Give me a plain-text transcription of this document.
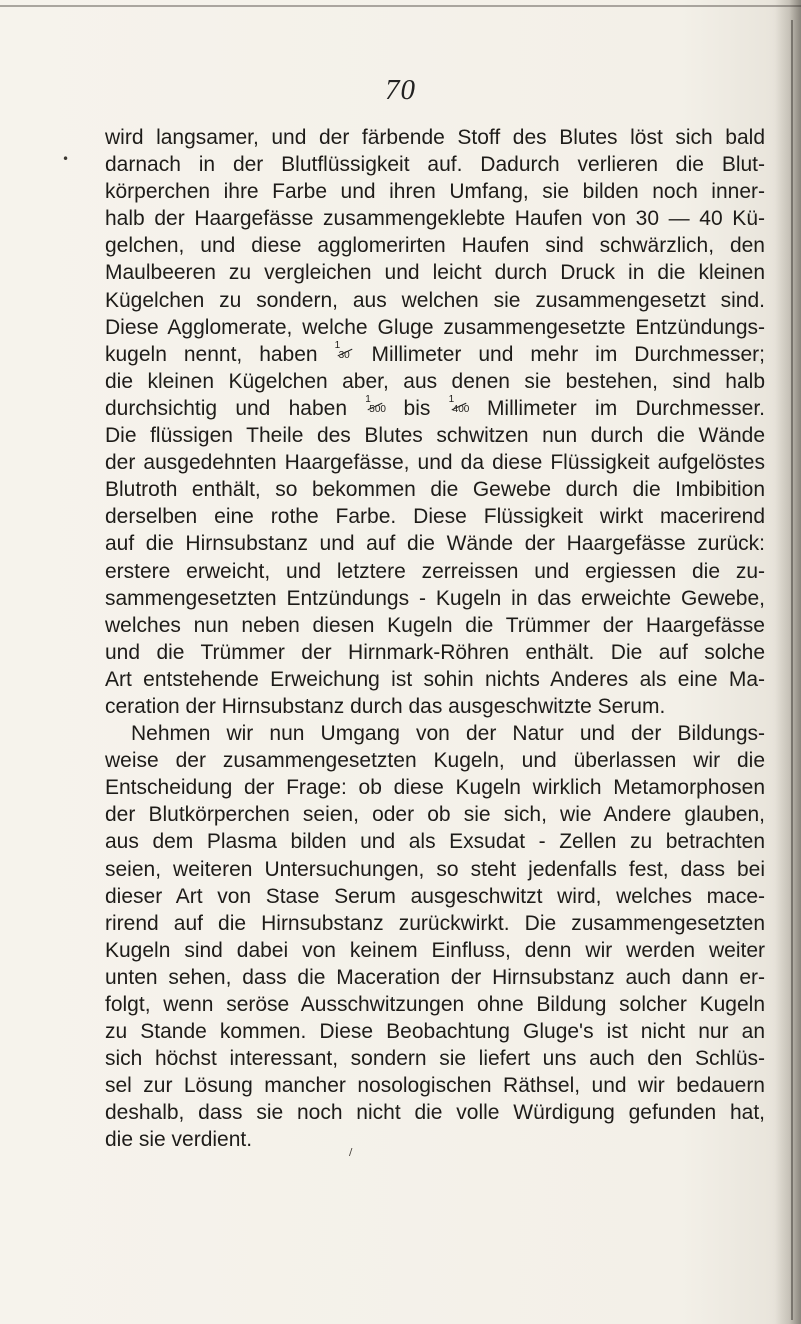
70
wird langsamer, und der färbende Stoff des Blutes löst sich bald
darnach in der Blutflüssigkeit auf. Dadurch verlieren die Blut-
körperchen ihre Farbe und ihren Umfang, sie bilden noch inner-
halb der Haargefässe zusammengeklebte Haufen von 30 — 40 Kü-
gelchen, und diese agglomerirten Haufen sind schwärzlich, den
Maulbeeren zu vergleichen und leicht durch Druck in die kleinen
Kügelchen zu sondern, aus welchen sie zusammengesetzt sind.
Diese Agglomerate, welche Gluge zusammengesetzte Entzündungs-
kugeln nennt, haben 1
30 Millimeter und mehr im Durchmesser;
die kleinen Kügelchen aber, aus denen sie bestehen, sind halb
durchsichtig und haben 1
500 bis 1
400 Millimeter im Durchmesser.
Die flüssigen Theile des Blutes schwitzen nun durch die Wände
der ausgedehnten Haargefässe, und da diese Flüssigkeit aufgelöstes
Blutroth enthält, so bekommen die Gewebe durch die Imbibition
derselben eine rothe Farbe. Diese Flüssigkeit wirkt macerirend
auf die Hirnsubstanz und auf die Wände der Haargefässe zurück:
erstere erweicht, und letztere zerreissen und ergiessen die zu-
sammengesetzten Entzündungs - Kugeln in das erweichte Gewebe,
welches nun neben diesen Kugeln die Trümmer der Haargefässe
und die Trümmer der Hirnmark-Röhren enthält. Die auf solche
Art entstehende Erweichung ist sohin nichts Anderes als eine Ma-
ceration der Hirnsubstanz durch das ausgeschwitzte Serum.
Nehmen wir nun Umgang von der Natur und der Bildungs-
weise der zusammengesetzten Kugeln, und überlassen wir die
Entscheidung der Frage: ob diese Kugeln wirklich Metamorphosen
der Blutkörperchen seien, oder ob sie sich, wie Andere glauben,
aus dem Plasma bilden und als Exsudat - Zellen zu betrachten
seien, weiteren Untersuchungen, so steht jedenfalls fest, dass bei
dieser Art von Stase Serum ausgeschwitzt wird, welches mace-
rirend auf die Hirnsubstanz zurückwirkt. Die zusammengesetzten
Kugeln sind dabei von keinem Einfluss, denn wir werden weiter
unten sehen, dass die Maceration der Hirnsubstanz auch dann er-
folgt, wenn seröse Ausschwitzungen ohne Bildung solcher Kugeln
zu Stande kommen. Diese Beobachtung Gluge's ist nicht nur an
sich höchst interessant, sondern sie liefert uns auch den Schlüs-
sel zur Lösung mancher nosologischen Räthsel, und wir bedauern
deshalb, dass sie noch nicht die volle Würdigung gefunden hat,
die sie verdient.
•
/
